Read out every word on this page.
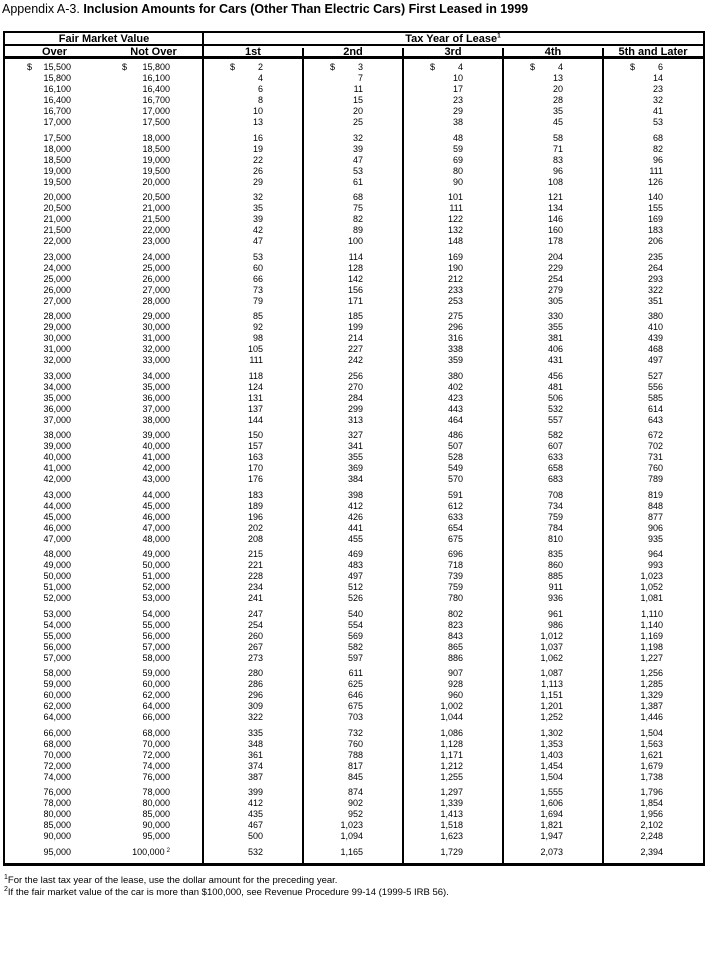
Appendix A-3. Inclusion Amounts for Cars (Other Than Electric Cars) First Leased in 1999
Fair Market Value	Tax Year of Lease$^1$
Over	Not Over	1st	2nd	3rd	4th	5th and Later
$ 15,500	$ 15,800	$	2	$	3	$	4	$	4	$	6
15,800	16,100	4	7	10	13	14
16,100	16,400	6	11	17	20	23
16,400	16,700	8	15	23	28	32
16,700	17,000	10	20	29	35	41
17,000	17,500	13	25	38	45	53
17,500	18,000	16	32	48	58	68
18,000	18,500	19	39	59	71	82
18,500	19,000	22	47	69	83	96
19,000	19,500	26	53	80	96	111
19,500	20,000	29	61	90	108	126
20,000	20,500	32	68	101	121	140
20,500	21,000	35	75	111	134	155
21,000	21,500	39	82	122	146	169
21,500	22,000	42	89	132	160	183
22,000	23,000	47	100	148	178	206
23,000	24,000	53	114	169	204	235
24,000	25,000	60	128	190	229	264
25,000	26,000	66	142	212	254	293
26,000	27,000	73	156	233	279	322
27,000	28,000	79	171	253	305	351
28,000	29,000	85	185	275	330	380
29,000	30,000	92	199	296	355	410
30,000	31,000	98	214	316	381	439
31,000	32,000	105	227	338	406	468
32,000	33,000	111	242	359	431	497
33,000	34,000	118	256	380	456	527
34,000	35,000	124	270	402	481	556
35,000	36,000	131	284	423	506	585
36,000	37,000	137	299	443	532	614
37,000	38,000	144	313	464	557	643
38,000	39,000	150	327	486	582	672
39,000	40,000	157	341	507	607	702
40,000	41,000	163	355	528	633	731
41,000	42,000	170	369	549	658	760
42,000	43,000	176	384	570	683	789
43,000	44,000	183	398	591	708	819
44,000	45,000	189	412	612	734	848
45,000	46,000	196	426	633	759	877
46,000	47,000	202	441	654	784	906
47,000	48,000	208	455	675	810	935
48,000	49,000	215	469	696	835	964
49,000	50,000	221	483	718	860	993
50,000	51,000	228	497	739	885	1,023
51,000	52,000	234	512	759	911	1,052
52,000	53,000	241	526	780	936	1,081
53,000	54,000	247	540	802	961	1,110
54,000	55,000	254	554	823	986	1,140
55,000	56,000	260	569	843	1,012	1,169
56,000	57,000	267	582	865	1,037	1,198
57,000	58,000	273	597	886	1,062	1,227
58,000	59,000	280	611	907	1,087	1,256
59,000	60,000	286	625	928	1,113	1,285
60,000	62,000	296	646	960	1,151	1,329
62,000	64,000	309	675	1,002	1,201	1,387
64,000	66,000	322	703	1,044	1,252	1,446
66,000	68,000	335	732	1,086	1,302	1,504
68,000	70,000	348	760	1,128	1,353	1,563
70,000	72,000	361	788	1,171	1,403	1,621
72,000	74,000	374	817	1,212	1,454	1,679
74,000	76,000	387	845	1,255	1,504	1,738
76,000	78,000	399	874	1,297	1,555	1,796
78,000	80,000	412	902	1,339	1,606	1,854
80,000	85,000	435	952	1,413	1,694	1,956
85,000	90,000	467	1,023	1,518	1,821	2,102
90,000	95,000	500	1,094	1,623	1,947	2,248
95,000	100,000 2	532	1,165	1,729	2,073	2,394
$^1$For the last tax year of the lease, use the dollar amount for the preceding year.
$^2$If the fair market value of the car is more than $100,000, see Revenue Procedure 99-14 (1999-5 IRB 56).
